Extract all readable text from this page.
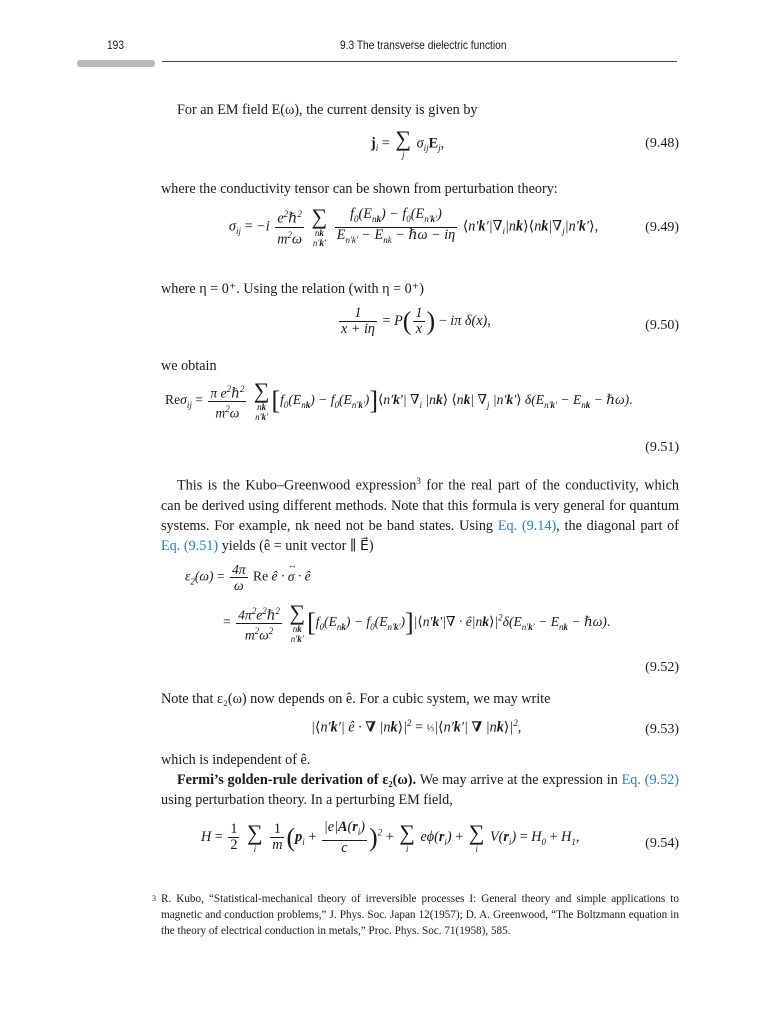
193	9.3 The transverse dielectric function
For an EM field E(ω), the current density is given by
$j_i$ = ∑
j
$\sigma_{ij}E_j$,	(9.48)
where the conductivity tensor can be shown from perturbation theory:
$\sigma_{ij} = -i \frac{e^2\hbar^2}{m^2\omega}$
∑
nk
n′k′
$\frac{f_0(E_{nk}) - f_0(E_{n'k'})}{E_{n'k'} - E_{nk} - \hbar\omega - i\eta}$ $⟨n'k'|\nabla_i|nk⟩⟨nk|\nabla_j|n'k'⟩$,	(9.49)
where η = 0⁺. Using the relation (with η = 0⁺)
$\frac{1}{x + i\eta} = P( \frac{1}{x}$ ) − iπ δ(x),	(9.50)
we obtain
$Re\sigma_{ij} = \frac{\pi e^2\hbar^2}{m^2\omega}$
∑
nk
n′k′
[$f_0(E_{nk})$ − $f_0(E_{n'k'})]⟨n'k'|$ $\nabla_i$ |nk⟩ ⟨nk| $\nabla_j$ |n′k′⟩ $\delta(E_{n'k'} - E_{nk}$ − ℏω).
(9.51)
This is the Kubo–Greenwood expression$^3$ for the real part of the conductivity, which can be derived using different methods. Note that this formula is very general for quantum systems. For example, nk need not be band states. Using Eq. (9.14), the diagonal part of Eq. (9.51) yields (ê = unit vector ∥ E⃗)
$\varepsilon_2(\omega) = \frac{4\pi}{\omega}$ Re ê · σ
↔
· ê
= $\frac{4\pi^2e^2\hbar^2}{m^2\omega^2}$
∑
nk
n′k′
[$f_0(E_{nk})$ − $f_0(E_{n'k'})]|⟨n'k'|\nabla$ · $ê|nk⟩|^2\delta(E_{n'k'} - E_{nk}$ − ℏω).
(9.52)
Note that ε₂(ω) now depends on ê. For a cubic system, we may write
|⟨n′k′| ê · ∇ $|nk⟩|^2$ = ⅓|⟨n′k′| ∇ $|nk⟩|^2$,	(9.53)
which is independent of ê.
Fermi’s golden-rule derivation of ε₂(ω). We may arrive at the expression in Eq. (9.52) using perturbation theory. In a perturbing EM field,
$H = \frac{1}{2}$
∑
i
$\frac{1}{m} (p_i + \frac{|e|A(r_i)}{c} )^2$ + ∑
i
$e\phi(r_i)$ + ∑
i
$V(r_i) = H_0 + H_1$,	(9.54)
3 R. Kubo, “Statistical-mechanical theory of irreversible processes I: General theory and simple applications to magnetic and conduction problems,” J. Phys. Soc. Japan 12(1957); D. A. Greenwood, “The Boltzmann equation in the theory of electrical conduction in metals,” Proc. Phys. Soc. 71(1958), 585.
